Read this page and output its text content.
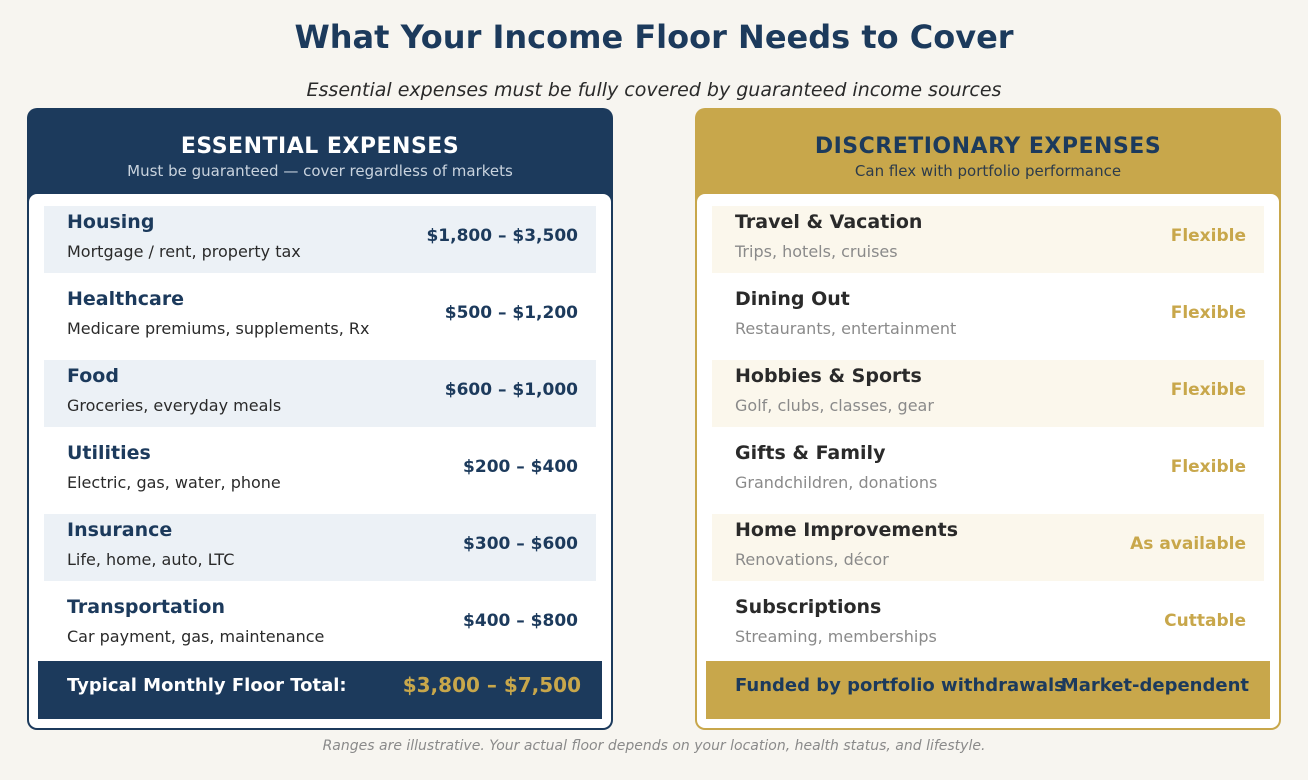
What Your Income Floor Needs to Cover
Essential expenses must be fully covered by guaranteed income sources
ESSENTIAL EXPENSES
Must be guaranteed — cover regardless of markets
Housing
Mortgage / rent, property tax
$1,800 – $3,500
Healthcare
Medicare premiums, supplements, Rx
$500 – $1,200
Food
Groceries, everyday meals
$600 – $1,000
Utilities
Electric, gas, water, phone
$200 – $400
Insurance
Life, home, auto, LTC
$300 – $600
Transportation
Car payment, gas, maintenance
$400 – $800
Typical Monthly Floor Total:	$3,800 – $7,500
DISCRETIONARY EXPENSES
Can flex with portfolio performance
Travel & Vacation
Trips, hotels, cruises
Flexible
Dining Out
Restaurants, entertainment
Flexible
Hobbies & Sports
Golf, clubs, classes, gear
Flexible
Gifts & Family
Grandchildren, donations
Flexible
Home Improvements
Renovations, décor
As available
Subscriptions
Streaming, memberships
Cuttable
Funded by portfolio withdrawals
Market-dependent
Ranges are illustrative. Your actual floor depends on your location, health status, and lifestyle.
